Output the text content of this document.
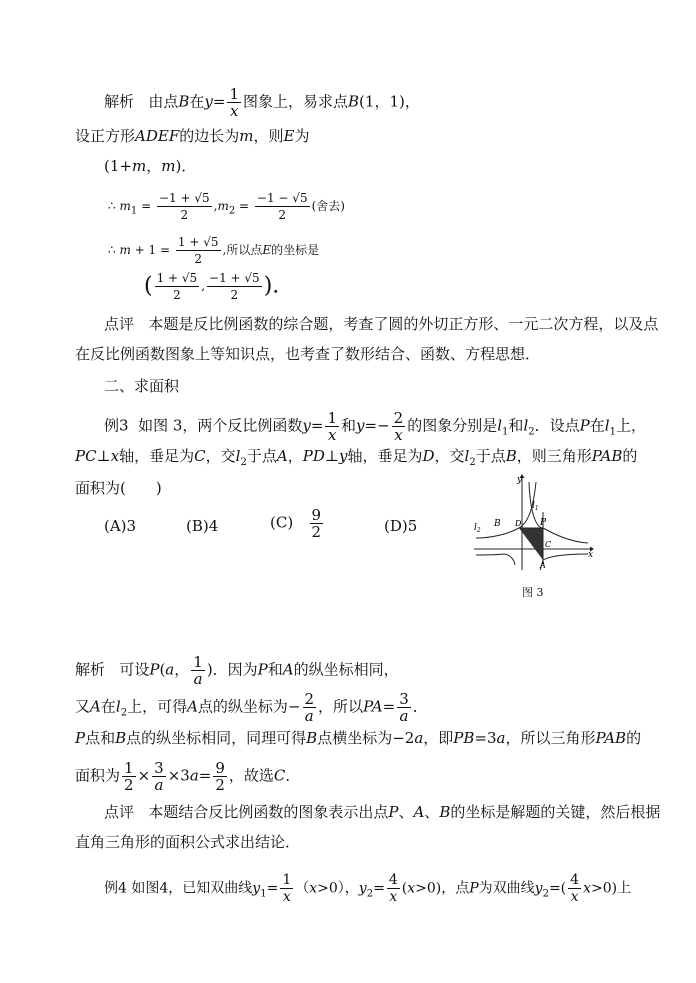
解析 由点B在$y= \frac{1}{x}$ 图象上，易求点B(1，1)，
设正方形ADEF的边长为m，则E为
(1+m，m)．
∴ $m_1 = \frac{-1 + √5}{2} ,m_2 = \frac{-1 - √5}{2}$ (舍去)
∴ $m + 1 = \frac{1 + √5}{2}$ ,所以点E的坐标是
( $\frac{1 + √5}{2}$ , $\frac{-1 + √5}{2}$ ).
点评 本题是反比例函数的综合题，考查了圆的外切正方形、一元二次方程，以及点
在反比例函数图象上等知识点，也考查了数形结合、函数、方程思想．
二、求面积
例3 如图 3，两个反比例函数$y= \frac{1}{x}$ 和$y=- \frac{2}{x}$ 的图象分别是$l_1$和$l_2$．设点P在$l_1$上，
PC⊥x轴，垂足为C，交$l_2$于点A，PD⊥y轴，垂足为D，交$l_2$于点B，则三角形PAB的
面积为(　　)
(A)3	(B)4	$(C) \frac{9}{2}$	(D)5
y
x
$l_1$
$l_2$
B D P
E
O	C
A
图 3
解析 可设P(a， $\frac{1}{a}$ )．因为P和A的纵坐标相同，
又A在$l_2$上，可得A点的纵坐标为− $\frac{2}{a}$ ，所以$PA= \frac{3}{a}$ ．
P点和B点的纵坐标相同，同理可得B点横坐标为−2a，即PB=3a，所以三角形PAB的
面积为 $\frac{1}{2} \times \frac{3}{a} \times 3a= \frac{9}{2}$ ，故选C．
点评 本题结合反比例函数的图象表示出点P、A、B的坐标是解题的关键，然后根据
直角三角形的面积公式求出结论．
例4 如图4，已知双曲线$y_1= \frac{1}{x} (x>0)$，$y_2= \frac{4}{x} (x>0)$，点P为双曲线$y_2=( \frac{4}{x} x>0)$上
